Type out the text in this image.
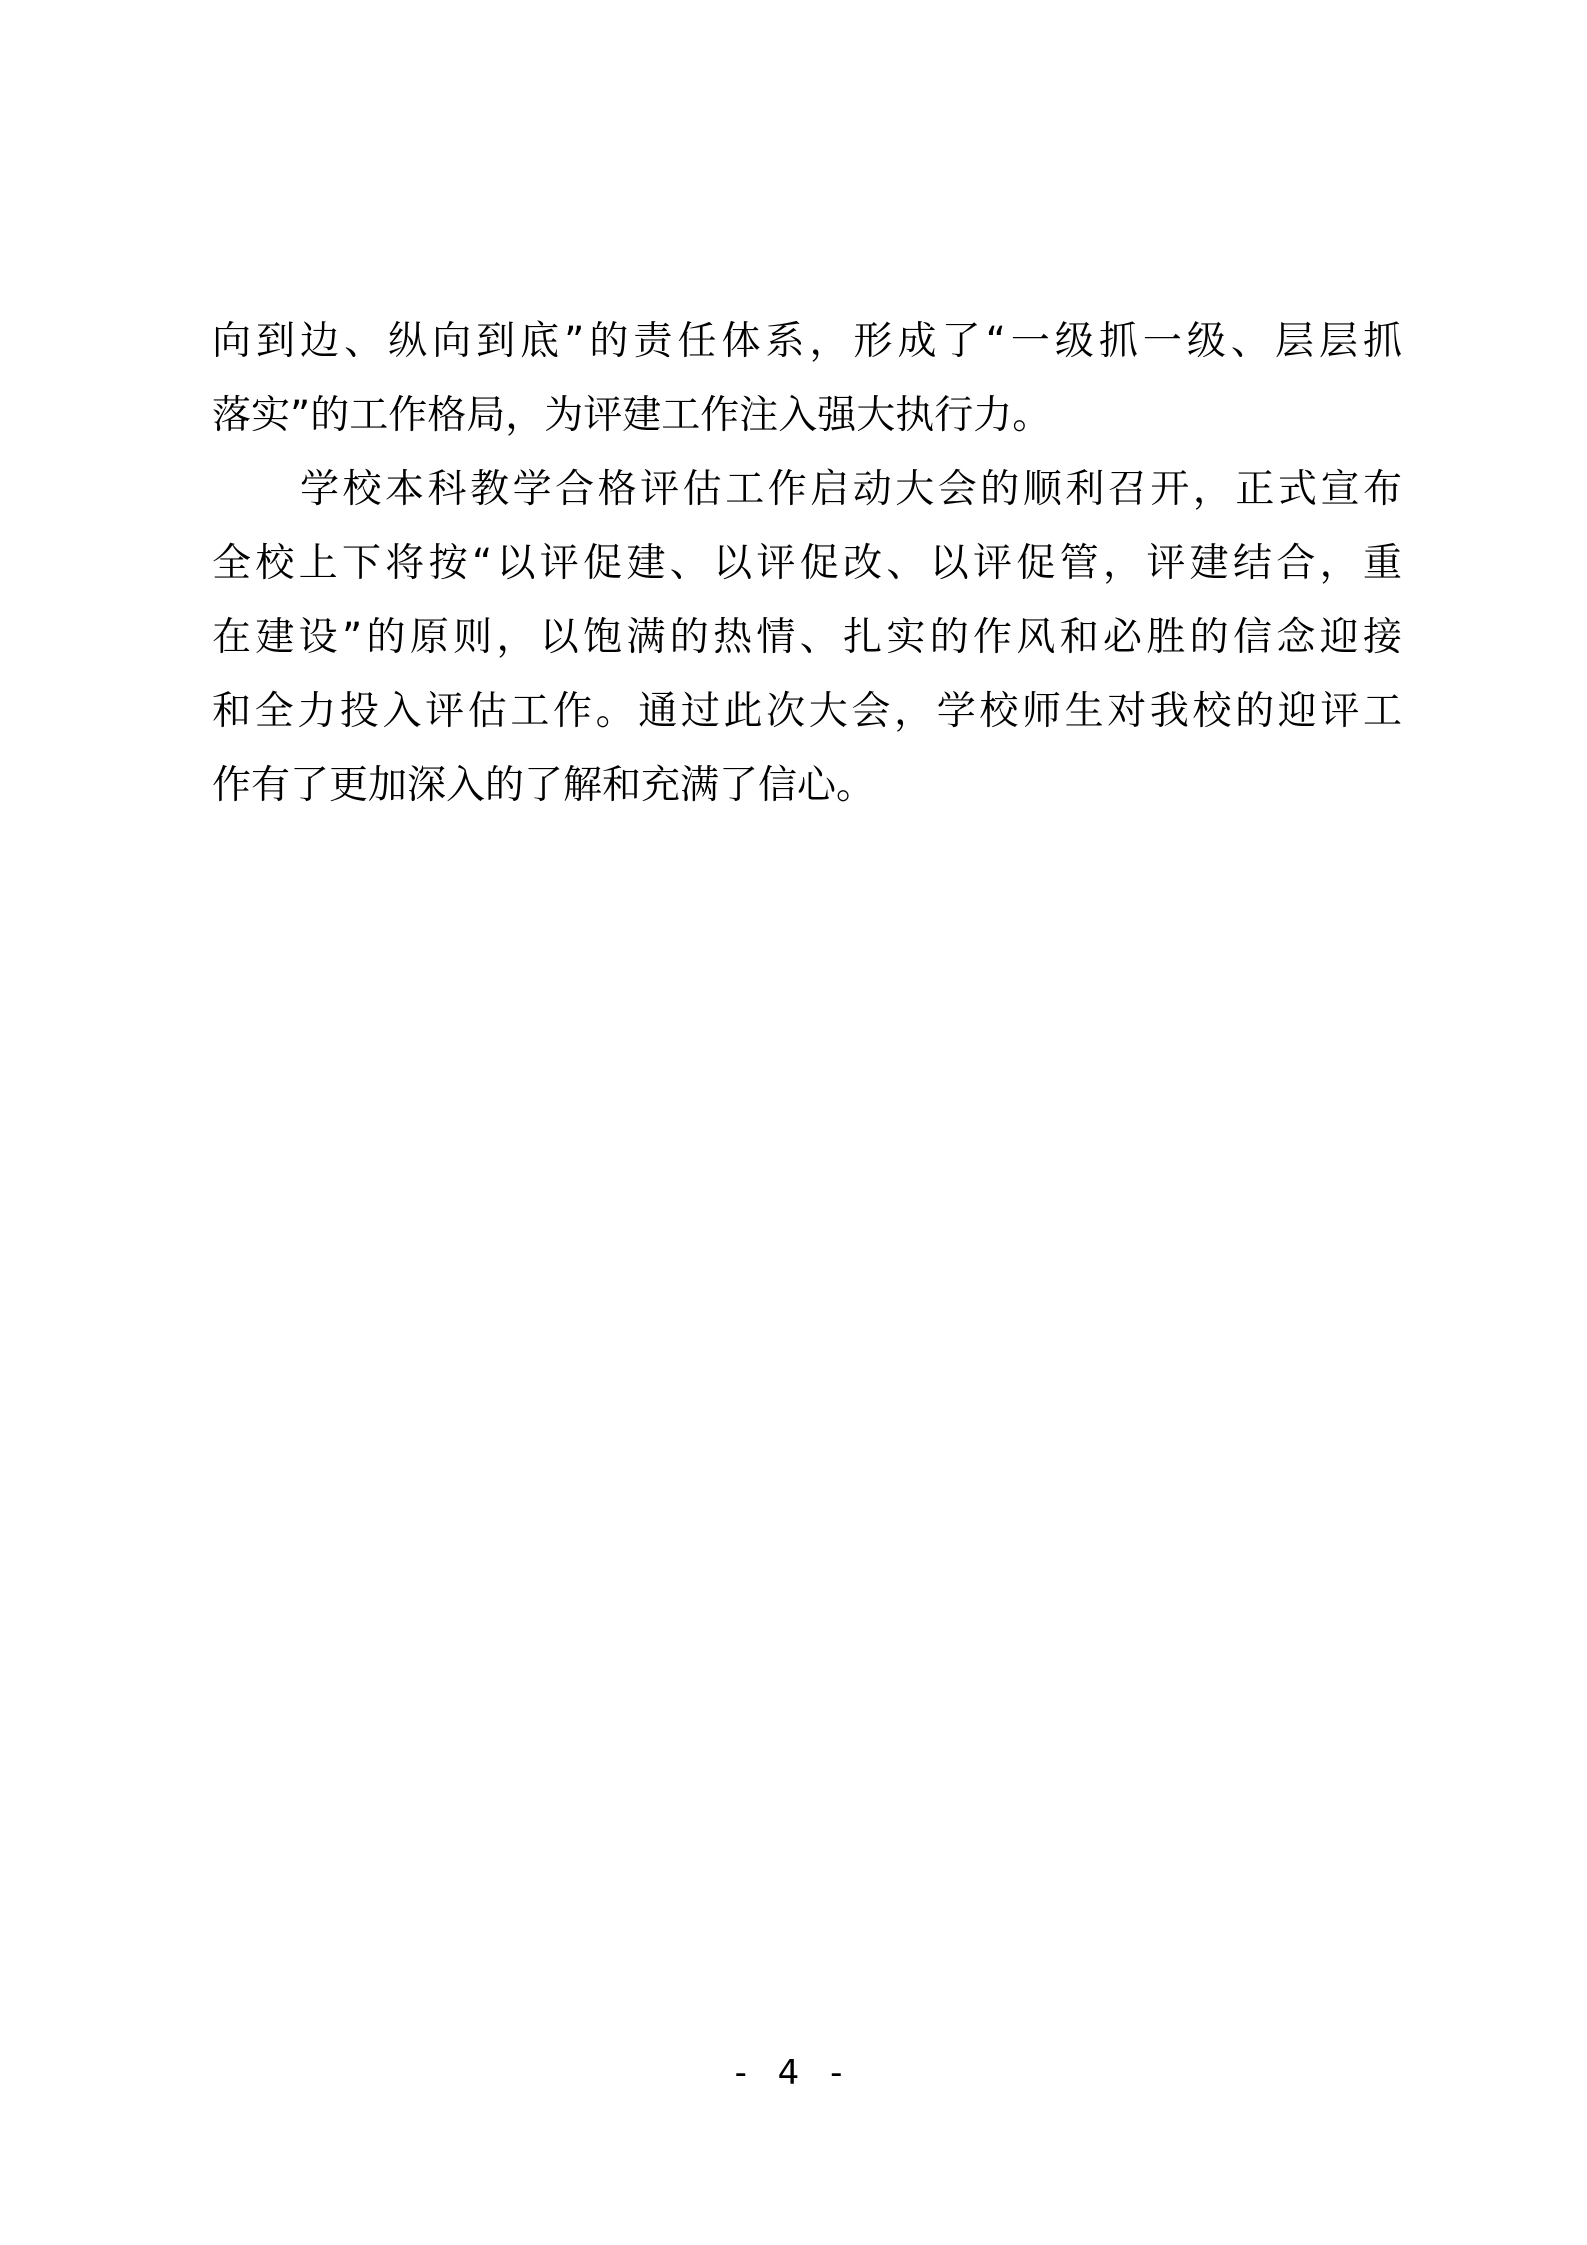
向到边、纵向到底”的责任体系，形成了“一级抓一级、层层抓
落实”的工作格局，为评建工作注入强大执行力。
学校本科教学合格评估工作启动大会的顺利召开，正式宣布
全校上下将按“以评促建、以评促改、以评促管，评建结合，重
在建设”的原则，以饱满的热情、扎实的作风和必胜的信念迎接
和全力投入评估工作。通过此次大会，学校师生对我校的迎评工
作有了更加深入的了解和充满了信心。
- 4 -
